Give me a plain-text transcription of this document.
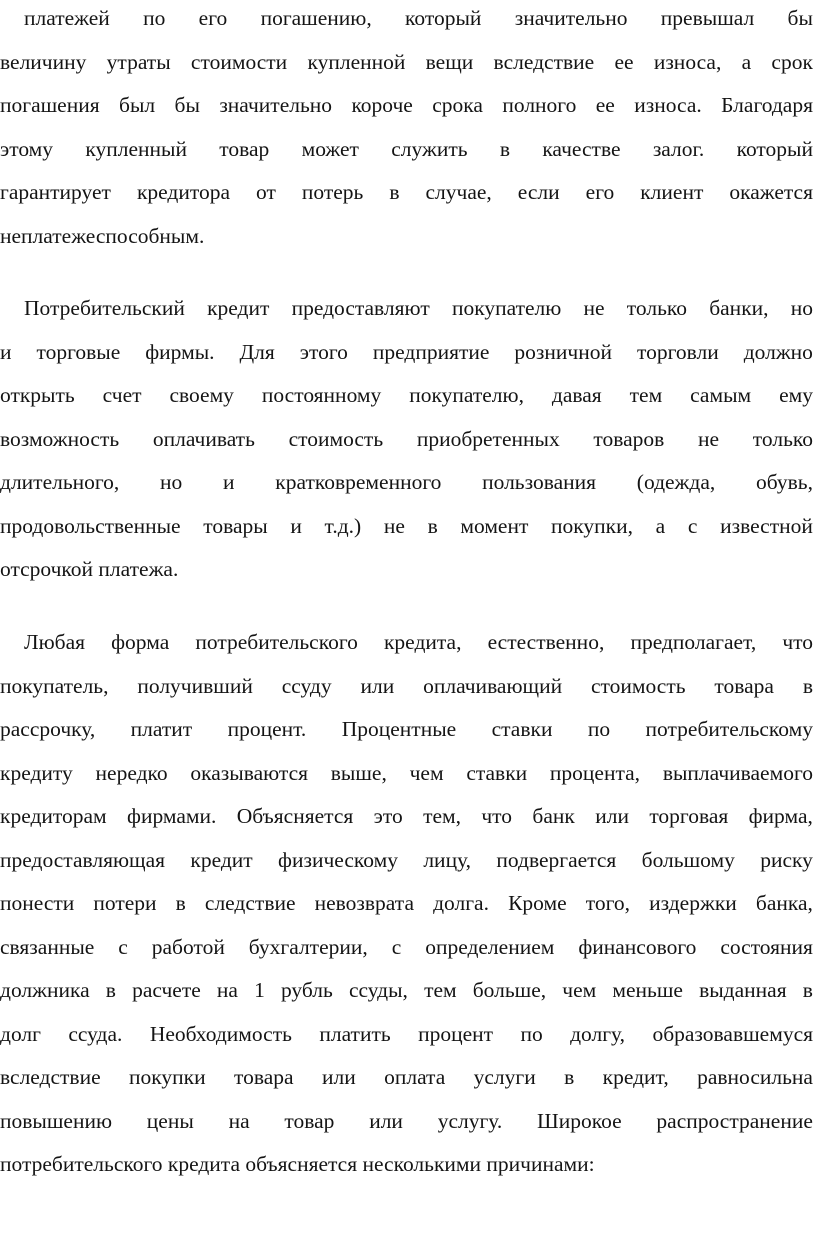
платежей по его погашению, который значительно превышал бы
величину утраты стоимости купленной вещи вследствие ее износа, а срок
погашения был бы значительно короче срока полного ее износа. Благодаря
этому купленный товар может служить в качестве залог. который
гарантирует кредитора от потерь в случае, если его клиент окажется
неплатежеспособным.
Потребительский кредит предоставляют покупателю не только банки, но
и торговые фирмы. Для этого предприятие розничной торговли должно
открыть счет своему постоянному покупателю, давая тем самым ему
возможность оплачивать стоимость приобретенных товаров не только
длительного, но и кратковременного пользования (одежда, обувь,
продовольственные товары и т.д.) не в момент покупки, а с известной
отсрочкой платежа.
Любая форма потребительского кредита, естественно, предполагает, что
покупатель, получивший ссуду или оплачивающий стоимость товара в
рассрочку, платит процент. Процентные ставки по потребительскому
кредиту нередко оказываются выше, чем ставки процента, выплачиваемого
кредиторам фирмами. Объясняется это тем, что банк или торговая фирма,
предоставляющая кредит физическому лицу, подвергается большому риску
понести потери в следствие невозврата долга. Кроме того, издержки банка,
связанные с работой бухгалтерии, с определением финансового состояния
должника в расчете на 1 рубль ссуды, тем больше, чем меньше выданная в
долг ссуда. Необходимость платить процент по долгу, образовавшемуся
вследствие покупки товара или оплата услуги в кредит, равносильна
повышению цены на товар или услугу. Широкое распространение
потребительского кредита объясняется несколькими причинами:
